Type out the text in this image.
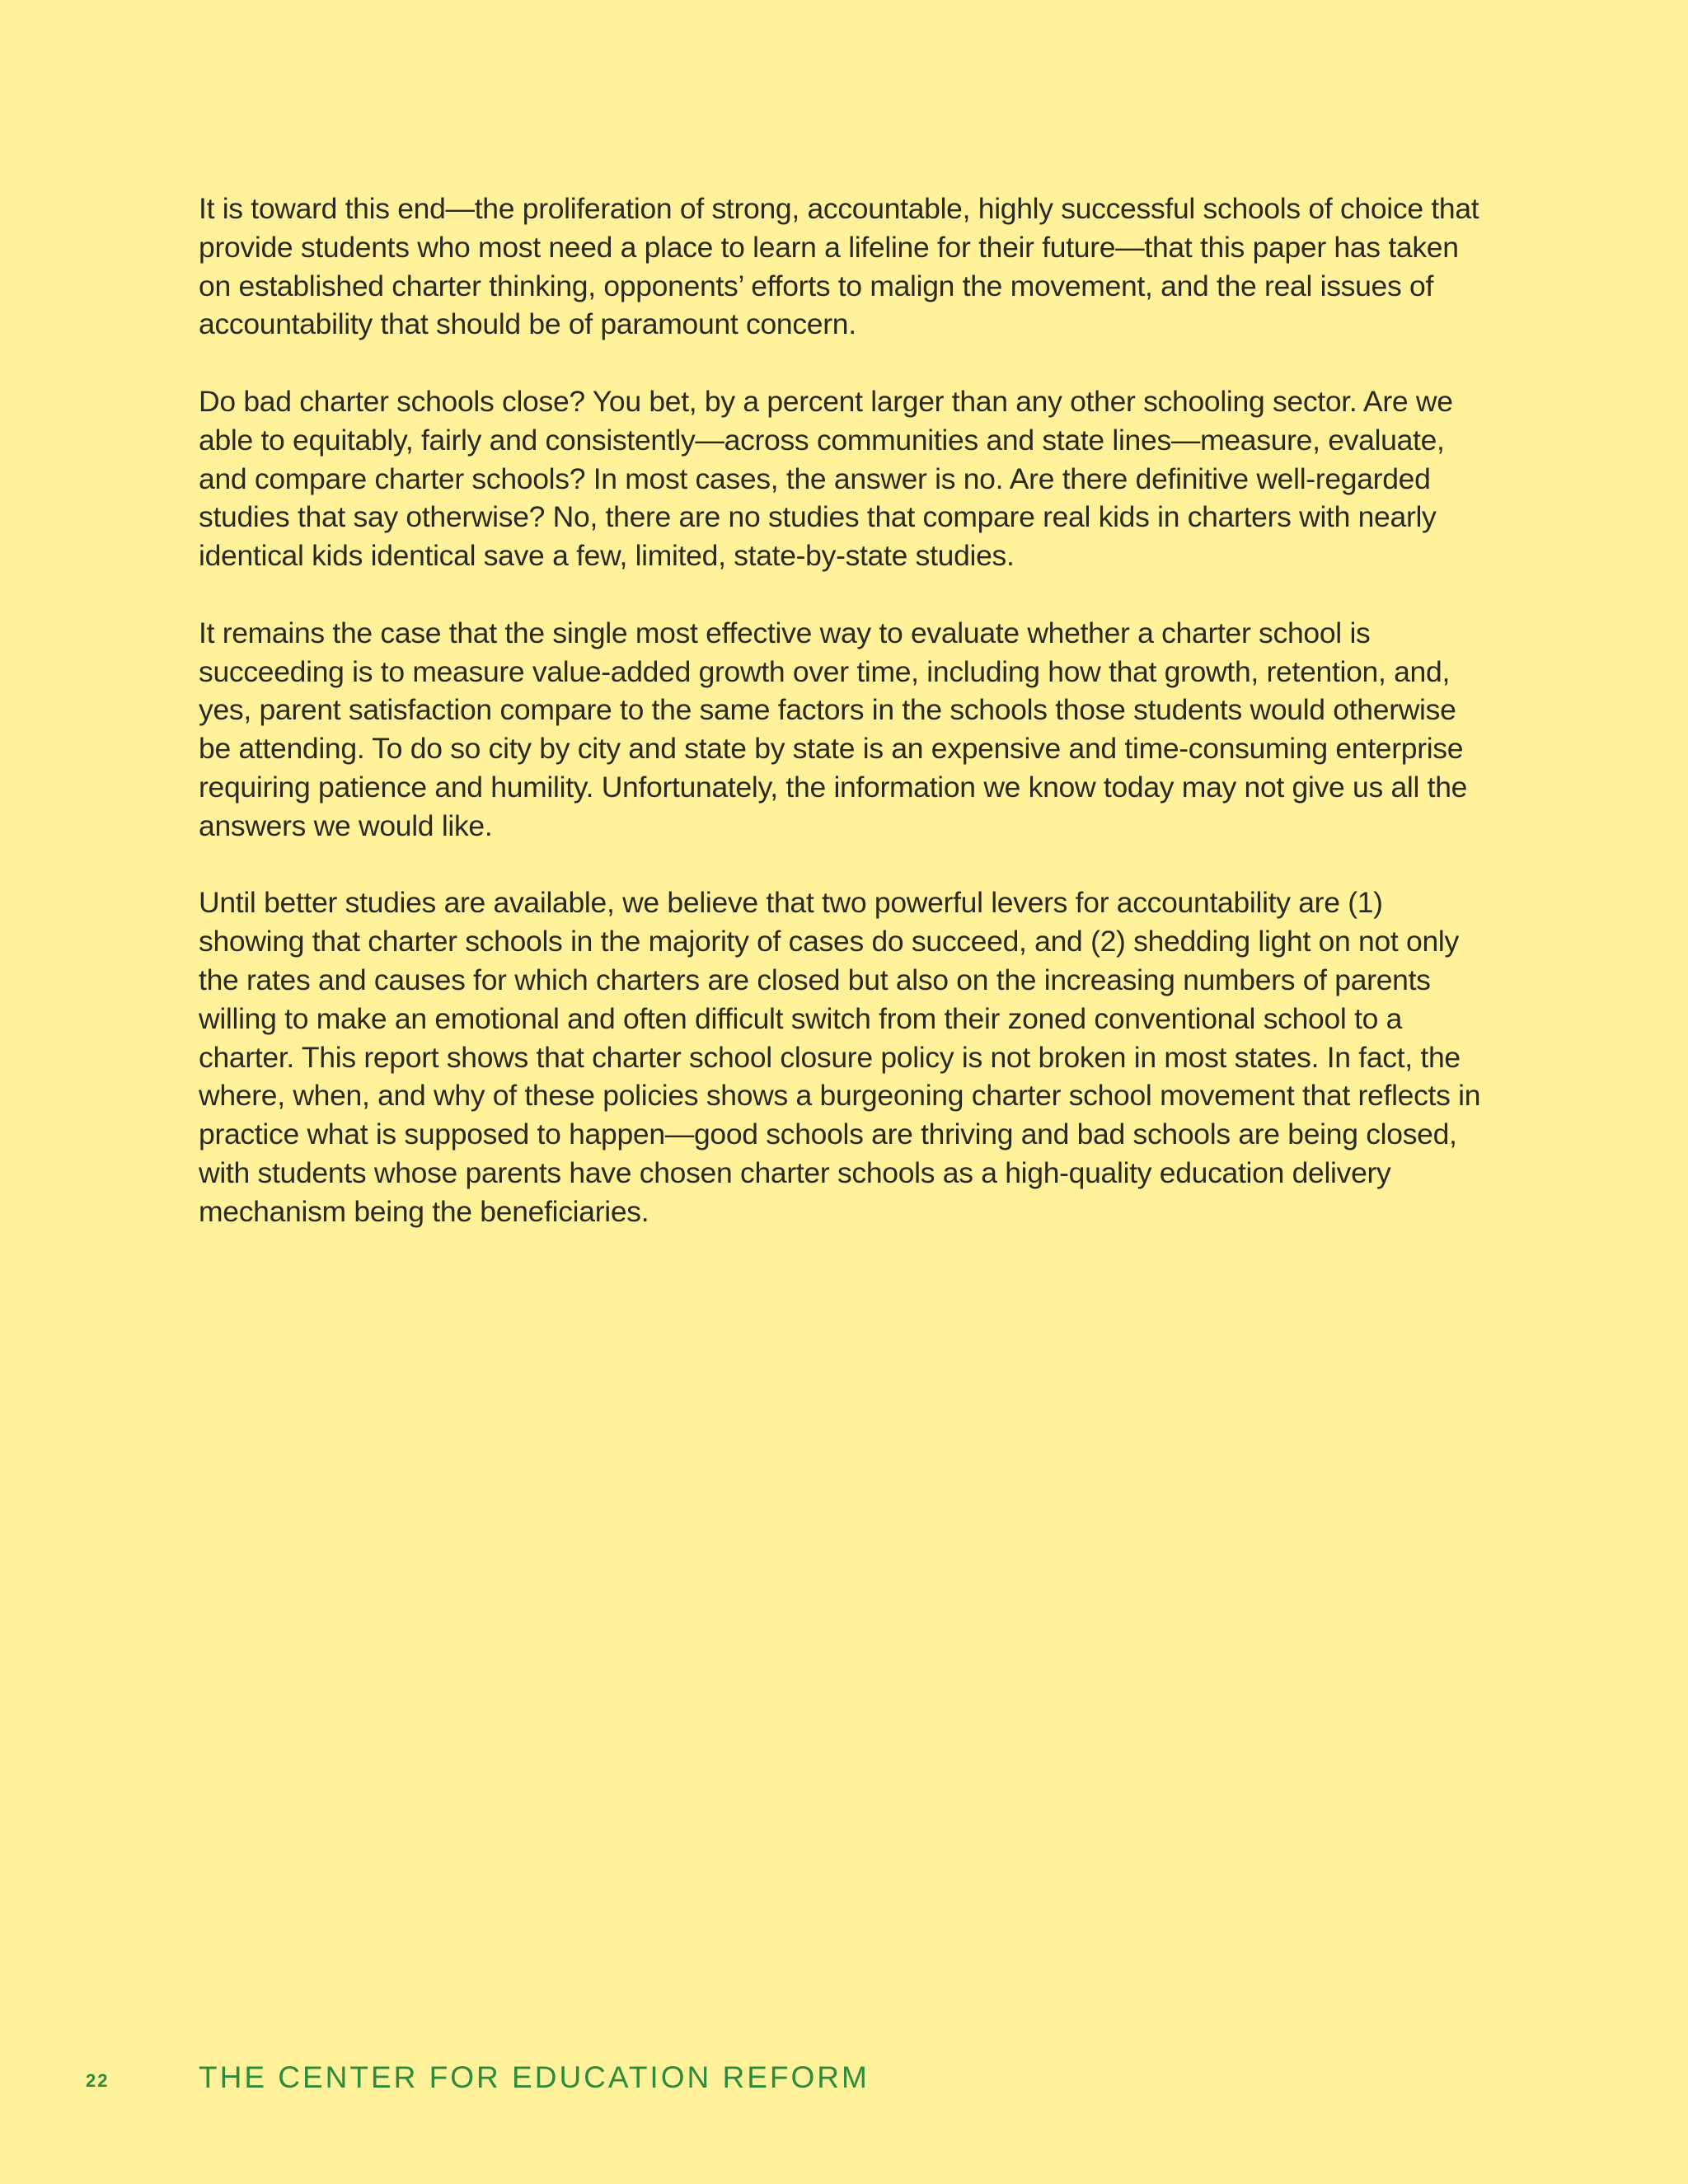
It is toward this end—the proliferation of strong, accountable, highly successful schools of choice that provide students who most need a place to learn a lifeline for their future—that this paper has taken on established charter thinking, opponents’ efforts to malign the movement, and the real issues of accountability that should be of paramount concern.

Do bad charter schools close? You bet, by a percent larger than any other schooling sector. Are we able to equitably, fairly and consistently—across communities and state lines—measure, evaluate, and compare charter schools? In most cases, the answer is no. Are there definitive well-regarded studies that say otherwise? No, there are no studies that compare real kids in charters with nearly identical kids identical save a few, limited, state-by-state studies.

It remains the case that the single most effective way to evaluate whether a charter school is succeeding is to measure value-added growth over time, including how that growth, retention, and, yes, parent satisfaction compare to the same factors in the schools those students would otherwise be attending. To do so city by city and state by state is an expensive and time-consuming enterprise requiring patience and humility. Unfortunately, the information we know today may not give us all the answers we would like.

Until better studies are available, we believe that two powerful levers for accountability are (1) showing that charter schools in the majority of cases do succeed, and (2) shedding light on not only the rates and causes for which charters are closed but also on the increasing numbers of parents willing to make an emotional and often difficult switch from their zoned conventional school to a charter. This report shows that charter school closure policy is not broken in most states. In fact, the where, when, and why of these policies shows a burgeoning charter school movement that reflects in practice what is supposed to happen—good schools are thriving and bad schools are being closed, with students whose parents have chosen charter schools as a high-quality education delivery mechanism being the beneficiaries.

22	THE CENTER FOR EDUCATION REFORM
